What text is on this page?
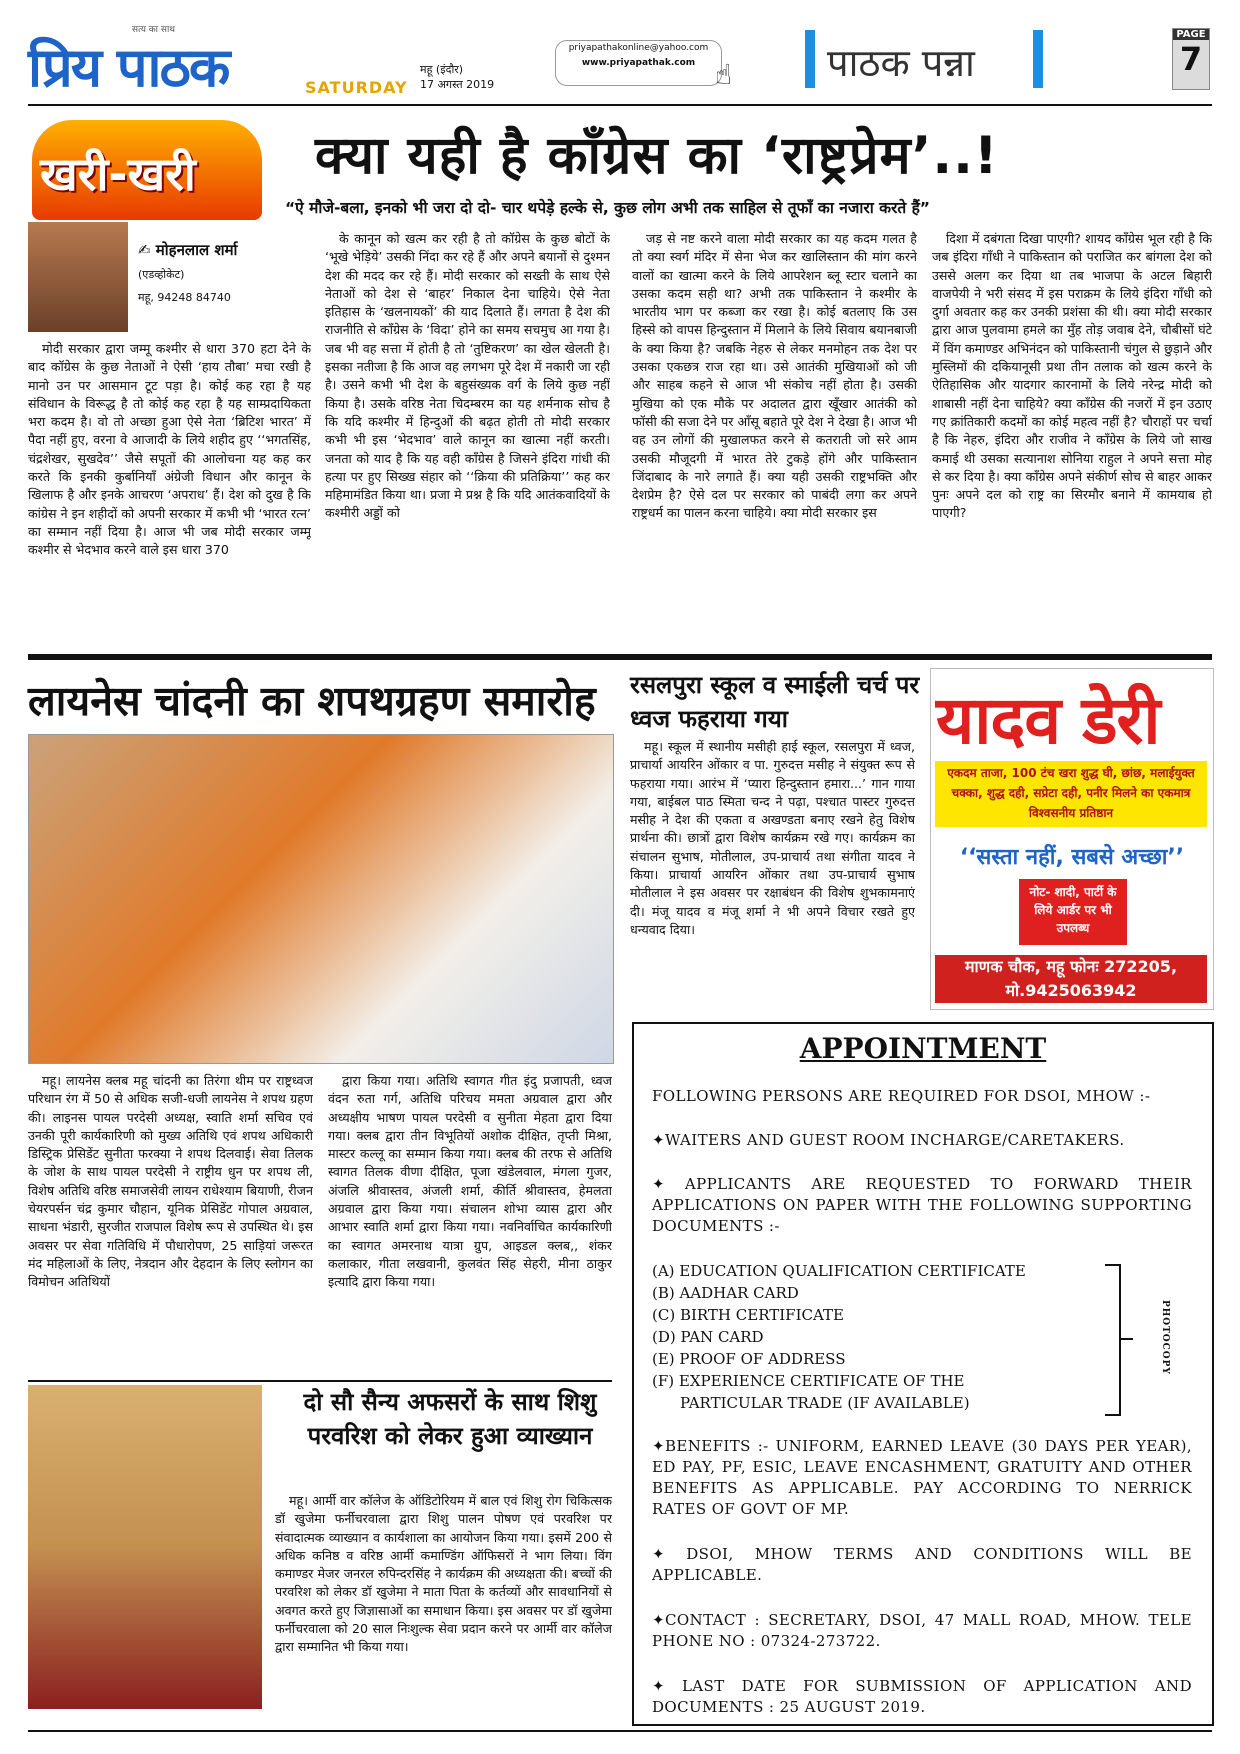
प्रिय पाठक
सत्य का साथ
SATURDAY
महू (इंदौर)
17 अगस्त 2019
priyapathakonline@yahoo.com
www.priyapathak.com ☝ पाठक पन्ना
PAGE
7
खरी-खरी क्या यही है कॉंग्रेस का ‘राष्ट्रप्रेम’..!
“ऐ मौजे-बला, इनको भी जरा दो दो- चार थपेड़े हल्के से, कुछ लोग अभी तक साहिल से तूफाँ का नजारा करते हैं”
✍ मोहनलाल शर्मा
(एडव्होकेट)
महू, 94248 84740

मोदी सरकार द्वारा जम्मू कश्मीर से धारा 370 हटा देने के बाद कॉग्रेस के कुछ नेताओं ने ऐसी ‘हाय तौबा’ मचा रखी है मानो उन पर आसमान टूट पड़ा है। कोई कह रहा है यह संविधान के विरूद्ध है तो कोई कह रहा है यह साम्प्रदायिकता भरा कदम है। वो तो अच्छा हुआ ऐसे नेता ‘ब्रिटिश भारत’ में पैदा नहीं हुए, वरना वे आजादी के लिये शहीद हुए ‘‘भगतसिंह, चंद्रशेखर, सुखदेव’’ जैसे सपूतों की आलोचना यह कह कर करते कि इनकी कुर्बानियाँ अंग्रेजी विधान और कानून के खिलाफ है और इनके आचरण ‘अपराध’ हैं। देश को दुख है कि कांग्रेस ने इन शहीदों को अपनी सरकार में कभी भी ‘भारत रत्न’ का सम्मान नहीं दिया है। आज भी जब मोदी सरकार जम्मू कश्मीर से भेदभाव करने वाले इस धारा 370

के कानून को खत्म कर रही है तो कॉग्रेस के कुछ बोटों के ‘भूखे भेड़िये’ उसकी निंदा कर रहे हैं और अपने बयानों से दुश्मन देश की मदद कर रहे हैं। मोदी सरकार को सख्ती के साथ ऐसे नेताओं को देश से ‘बाहर’ निकाल देना चाहिये। ऐसे नेता इतिहास के ‘खलनायकों’ की याद दिलाते हैं। लगता है देश की राजनीति से कॉंग्रेस के ‘विदा’ होने का समय सचमुच आ गया है। जब भी वह सत्ता में होती है तो ‘तुष्टिकरण’ का खेल खेलती है। इसका नतीजा है कि आज वह लगभग पूरे देश में नकारी जा रही है। उसने कभी भी देश के बहुसंख्यक वर्ग के लिये कुछ नहीं किया है। उसके वरिष्ठ नेता चिदम्बरम का यह शर्मनाक सोच है कि यदि कश्मीर में हिन्दुओं की बढ़त होती तो मोदी सरकार कभी भी इस ‘भेदभाव’ वाले कानून का खात्मा नहीं करती। जनता को याद है कि यह वही कॉंग्रेस है जिसने इंदिरा गांधी की हत्या पर हुए सिख्ख संहार को ‘‘क्रिया की प्रतिक्रिया’’ कह कर महिमामंडित किया था। प्रजा मे प्रश्न है कि यदि आतंकवादियों के कश्मीरी अड्डों को

जड़ से नष्ट करने वाला मोदी सरकार का यह कदम गलत है तो क्या स्वर्ग मंदिर में सेना भेज कर खालिस्तान की मांग करने वालों का खात्मा करने के लिये आपरेशन ब्लू स्टार चलाने का उसका कदम सही था? अभी तक पाकिस्तान ने कश्मीर के भारतीय भाग पर कब्जा कर रखा है। कोई बतलाए कि उस हिस्से को वापस हिन्दुस्तान में मिलाने के लिये सिवाय बयानबाजी के क्या किया है? जबकि नेहरु से लेकर मनमोहन तक देश पर उसका एकछत्र राज रहा था। उसे आतंकी मुखियाओं को जी और साहब कहने से आज भी संकोच नहीं होता है। उसकी मुखिया को एक मौके पर अदालत द्वारा खूँखार आतंकी को फॉसी की सजा देने पर ऑंसू बहाते पूरे देश ने देखा है। आज भी वह उन लोगों की मुखालफत करने से कतराती जो सरे आम उसकी मौजूदगी में भारत तेरे टुकड़े होंगे और पाकिस्तान जिंदाबाद के नारे लगाते हैं। क्या यही उसकी राष्ट्रभक्ति और देशप्रेम है? ऐसे दल पर सरकार को पाबंदी लगा कर अपने राष्ट्रधर्म का पालन करना चाहिये। क्या मोदी सरकार इस

दिशा में दबंगता दिखा पाएगी? शायद कॉंग्रेस भूल रही है कि जब इंदिरा गॉंधी ने पाकिस्तान को पराजित कर बांगला देश को उससे अलग कर दिया था तब भाजपा के अटल बिहारी वाजपेयी ने भरी संसद में इस पराक्रम के लिये इंदिरा गॉंधी को दुर्गा अवतार कह कर उनकी प्रशंसा की थी। क्या मोदी सरकार द्वारा आज पुलवामा हमले का मुँह तोड़ जवाब देने, चौबीसों घंटे में विंग कमाण्डर अभिनंदन को पाकिस्तानी चंगुल से छुड़ाने और मुस्लिमों की दकियानूसी प्रथा तीन तलाक को खत्म करने के ऐतिहासिक और यादगार कारनामों के लिये नरेन्द्र मोदी को शाबासी नहीं देना चाहिये? क्या कॉंग्रेस की नजरों में इन उठाए गए क्रांतिकारी कदमों का कोई महत्व नहीं है? चौराहों पर चर्चा है कि नेहरु, इंदिरा और राजीव ने कॉंग्रेस के लिये जो साख कमाई थी उसका सत्यानाश सोनिया राहुल ने अपने सत्ता मोह से कर दिया है। क्या कॉंग्रेस अपने संकीर्ण सोच से बाहर आकर पुनः अपने दल को राष्ट्र का सिरमौर बनाने में कामयाब हो पाएगी?

लायनेस चांदनी का शपथग्रहण समारोह

महू। लायनेस क्लब महू चांदनी का तिरंगा थीम पर राष्ट्रध्वज परिधान रंग में 50 से अधिक सजी-धजी लायनेस ने शपथ ग्रहण की। लाइनस पायल परदेसी अध्यक्ष, स्वाति शर्मा सचिव एवं उनकी पूरी कार्यकारिणी को मुख्य अतिथि एवं शपथ अधिकारी डिस्ट्रिक प्रेसिडेंट सुनीता फरक्या ने शपथ दिलवाई। सेवा तिलक के जोश के साथ पायल परदेसी ने राष्ट्रीय धुन पर शपथ ली, विशेष अतिथि वरिष्ठ समाजसेवी लायन राधेश्याम बियाणी, रीजन चेयरपर्सन चंद्र कुमार चौहान, यूनिक प्रेसिडेंट गोपाल अग्रवाल, साधना भंडारी, सुरजीत राजपाल विशेष रूप से उपस्थित थे। इस अवसर पर सेवा गतिविधि में पौधारोपण, 25 साड़ियां जरूरत मंद महिलाओं के लिए, नेत्रदान और देहदान के लिए स्लोगन का विमोचन अतिथियों

द्वारा किया गया। अतिथि स्वागत गीत इंदु प्रजापती, ध्वज वंदन रुता गर्ग, अतिथि परिचय ममता अग्रवाल द्वारा और अध्यक्षीय भाषण पायल परदेसी व सुनीता मेहता द्वारा दिया गया। क्लब द्वारा तीन विभूतियों अशोक दीक्षित, तृप्ती मिश्रा, मास्टर कल्लू का सम्मान किया गया। क्लब की तरफ से अतिथि स्वागत तिलक वीणा दीक्षित, पूजा खंडेलवाल, मंगला गुजर, अंजलि श्रीवास्तव, अंजली शर्मा, कीर्ति श्रीवास्तव, हेमलता अग्रवाल द्वारा किया गया। संचालन शोभा व्यास द्वारा और आभार स्वाति शर्मा द्वारा किया गया। नवनिर्वाचित कार्यकारिणी का स्वागत अमरनाथ यात्रा ग्रुप, आइडल क्लब,, शंकर कलाकार, गीता लखवानी, कुलवंत सिंह सेहरी, मीना ठाकुर इत्यादि द्वारा किया गया।

रसलपुरा स्कूल व स्माईली चर्च पर ध्वज फहराया गया

महू। स्कूल में स्थानीय मसीही हाई स्कूल, रसलपुरा में ध्वज, प्राचार्या आयरिन ओंकार व पा. गुरुदत्त मसीह ने संयुक्त रूप से फहराया गया। आरंभ में ‘प्यारा हिन्दुस्तान हमारा...’ गान गाया गया, बाईबल पाठ स्मिता चन्द ने पढ़ा, पश्चात पास्टर गुरुदत्त मसीह ने देश की एकता व अखण्डता बनाए रखने हेतु विशेष प्रार्थना की। छात्रों द्वारा विशेष कार्यक्रम रखे गए। कार्यक्रम का संचालन सुभाष, मोतीलाल, उप-प्राचार्य तथा संगीता यादव ने किया। प्राचार्या आयरिन ओंकार तथा उप-प्राचार्य सुभाष मोतीलाल ने इस अवसर पर रक्षाबंधन की विशेष शुभकामनाएं दी। मंजू यादव व मंजू शर्मा ने भी अपने विचार रखते हुए धन्यवाद दिया।

यादव डेरी
एकदम ताजा, 100 टंच खरा शुद्ध घी, छांछ, मलाईयुक्त चक्का, शुद्ध दही, सप्रेटा दही, पनीर मिलने का एकमात्र विश्वसनीय प्रतिष्ठान
‘‘सस्ता नहीं, सबसे अच्छा’’
नोट- शादी, पार्टी के लिये आर्डर पर भी उपलब्ध
माणक चौक, महू फोनः 272205,
मो.9425063942
APPOINTMENT
FOLLOWING PERSONS ARE REQUIRED FOR DSOI, MHOW :-
✦WAITERS AND GUEST ROOM INCHARGE/CARETAKERS.
✦ APPLICANTS ARE REQUESTED TO FORWARD THEIR APPLICATIONS ON PAPER WITH THE FOLLOWING SUPPORTING DOCUMENTS :-
(A) EDUCATION QUALIFICATION CERTIFICATE
(B) AADHAR CARD
(C) BIRTH CERTIFICATE
(D) PAN CARD
(E) PROOF OF ADDRESS
(F) EXPERIENCE CERTIFICATE OF THE
PARTICULAR TRADE (IF AVAILABLE)
✦BENEFITS :- UNIFORM, EARNED LEAVE (30 DAYS PER YEAR), ED PAY, PF, ESIC, LEAVE ENCASHMENT, GRATUITY AND OTHER BENEFITS AS APPLICABLE. PAY ACCORDING TO NERRICK RATES OF GOVT OF MP.
✦ DSOI, MHOW TERMS AND CONDITIONS WILL BE APPLICABLE.
✦CONTACT : SECRETARY, DSOI, 47 MALL ROAD, MHOW. TELE PHONE NO : 07324-273722.
✦ LAST DATE FOR SUBMISSION OF APPLICATION AND DOCUMENTS : 25 AUGUST 2019.
PHOTOCOPY
दो सौ सैन्य अफसरों के साथ शिशु परवरिश को लेकर हुआ व्याख्यान

महू। आर्मी वार कॉलेज के ऑडिटोरियम में बाल एवं शिशु रोग चिकित्सक डॉ खुजेमा फर्नीचरवाला द्वारा शिशु पालन पोषण एवं परवरिश पर संवादात्मक व्याख्यान व कार्यशाला का आयोजन किया गया। इसमें 200 से अधिक कनिष्ठ व वरिष्ठ आर्मी कमाण्डिंग ऑफिसरों ने भाग लिया। विंग कमाण्डर मेजर जनरल रुपिन्दरसिंह ने कार्यक्रम की अध्यक्षता की। बच्चों की परवरिश को लेकर डॉ खुजेमा ने माता पिता के कर्तव्यों और सावधानियों से अवगत करते हुए जिज्ञासाओं का समाधान किया। इस अवसर पर डॉ खुजेमा फर्नीचरवाला को 20 साल निःशुल्क सेवा प्रदान करने पर आर्मी वार कॉलेज द्वारा सम्मानित भी किया गया।
